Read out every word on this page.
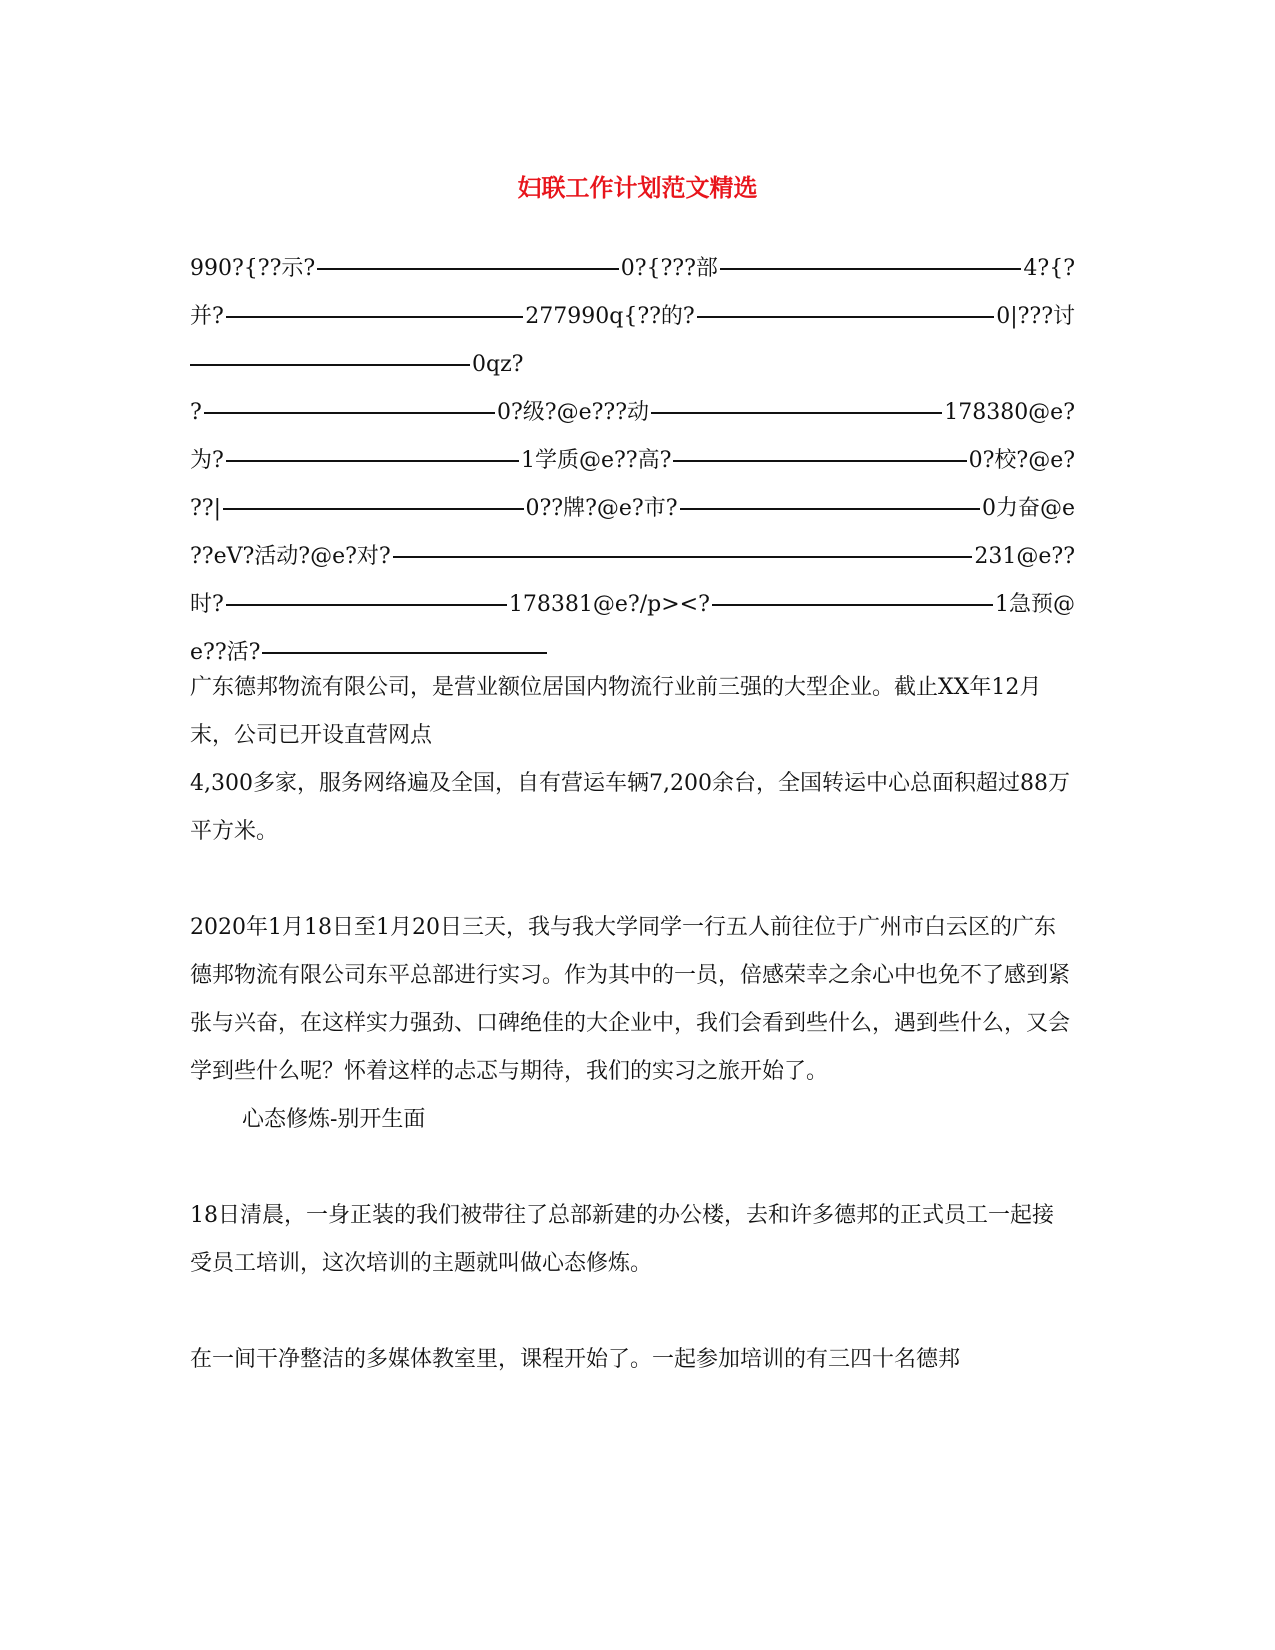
妇联工作计划范文精选
990?{??示?	0?{???部	4?{?
并?	277990q{??的?	0|???讨
0qz?
?	0?级?@e???动	178380@e?
为?	1学质@e??高?	0?校?@e?
??|	0??牌?@e?市?	0力奋@e
??eV?活动?@e?对?	231@e??
时?	178381@e?/p><?	1急预@
e??活?

广东德邦物流有限公司，是营业额位居国内物流行业前三强的大型企业。截止XX年12月末，公司已开设直营网点

4,300多家，服务网络遍及全国，自有营运车辆7,200余台，全国转运中心总面积超过88万平方米。

2020年1月18日至1月20日三天，我与我大学同学一行五人前往位于广州市白云区的广东德邦物流有限公司东平总部进行实习。作为其中的一员，倍感荣幸之余心中也免不了感到紧张与兴奋，在这样实力强劲、口碑绝佳的大企业中，我们会看到些什么，遇到些什么，又会学到些什么呢？怀着这样的忐忑与期待，我们的实习之旅开始了。

心态修炼-别开生面

18日清晨，一身正装的我们被带往了总部新建的办公楼，去和许多德邦的正式员工一起接受员工培训，这次培训的主题就叫做心态修炼。

在一间干净整洁的多媒体教室里，课程开始了。一起参加培训的有三四十名德邦
